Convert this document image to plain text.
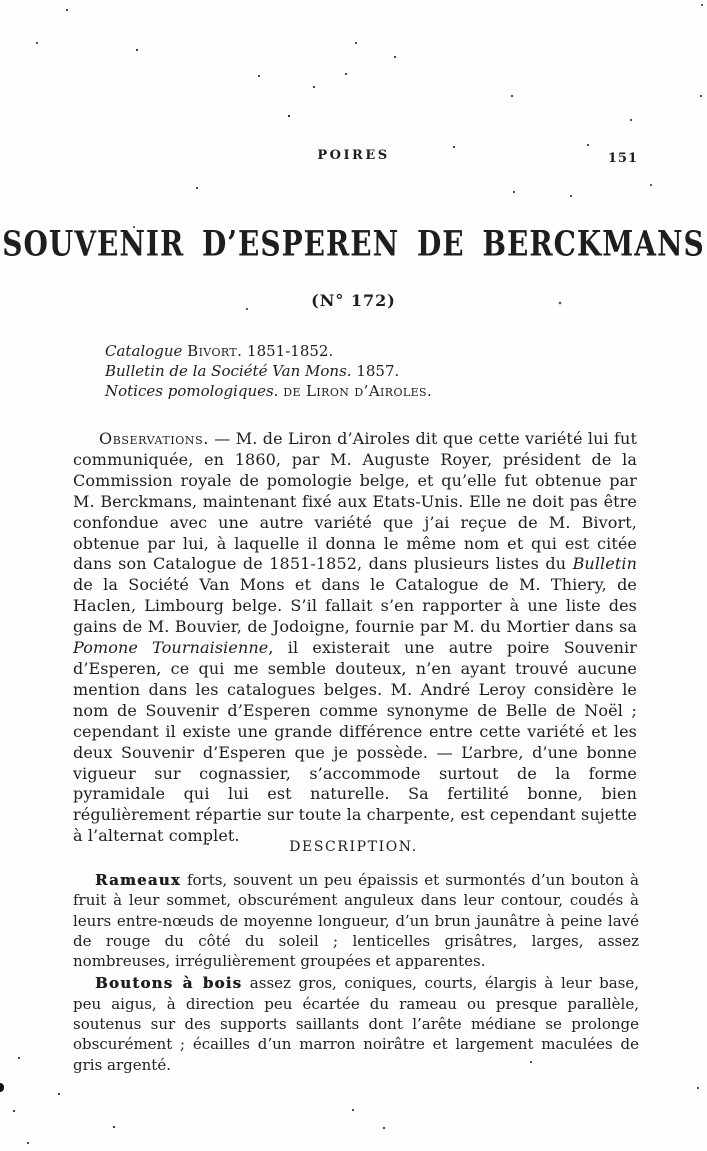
POIRES	151
SOUVENIR D’ESPEREN DE BERCKMANS
(N° 172)

Catalogue Bivort. 1851-1852.

Bulletin de la Société Van Mons. 1857.

Notices pomologiques. de Liron d’Airoles.

Observations. — M. de Liron d’Airoles dit que cette variété lui fut communiquée, en 1860, par M. Auguste Royer, président de la Commission royale de pomologie belge, et qu’elle fut obtenue par M. Berckmans, maintenant fixé aux Etats-Unis. Elle ne doit pas être confondue avec une autre variété que j’ai reçue de M. Bivort, obtenue par lui, à laquelle il donna le même nom et qui est citée dans son Catalogue de 1851-1852, dans plusieurs listes du Bulletin de la Société Van Mons et dans le Catalogue de M. Thiery, de Haclen, Limbourg belge. S’il fallait s’en rapporter à une liste des gains de M. Bouvier, de Jodoigne, fournie par M. du Mortier dans sa Pomone Tournaisienne, il existerait une autre poire Souvenir d’Esperen, ce qui me semble douteux, n’en ayant trouvé aucune mention dans les catalogues belges. M. André Leroy considère le nom de Souvenir d’Esperen comme synonyme de Belle de Noël ; cependant il existe une grande différence entre cette variété et les deux Souvenir d’Esperen que je possède. — L’arbre, d’une bonne vigueur sur cognassier, s’accommode surtout de la forme pyramidale qui lui est naturelle. Sa fertilité bonne, bien régulièrement répartie sur toute la charpente, est cependant sujette à l’alternat complet.

DESCRIPTION.

Rameaux forts, souvent un peu épaissis et surmontés d’un bouton à fruit à leur sommet, obscurément anguleux dans leur contour, coudés à leurs entre-nœuds de moyenne longueur, d’un brun jaunâtre à peine lavé de rouge du côté du soleil ; lenticelles grisâtres, larges, assez nombreuses, irrégulièrement groupées et apparentes.

Boutons à bois assez gros, coniques, courts, élargis à leur base, peu aigus, à direction peu écartée du rameau ou presque parallèle, soutenus sur des supports saillants dont l’arête médiane se prolonge obscurément ; écailles d’un marron noirâtre et largement maculées de gris argenté.
